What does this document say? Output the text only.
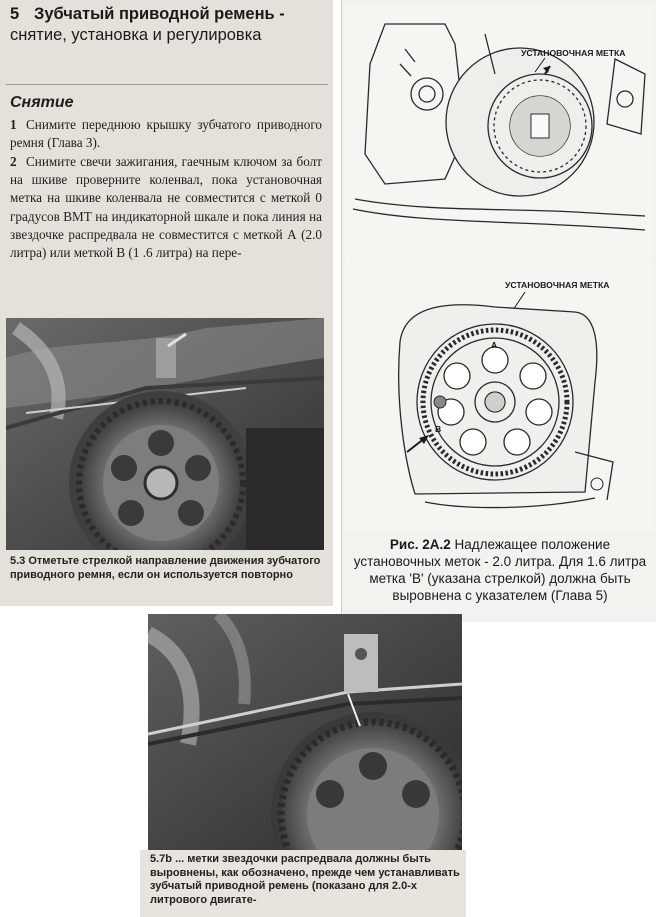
5 Зубчатый приводной ремень - снятие, установка и регулировка
Снятие
1 Снимите переднюю крышку зубчатого приводного ремня (Глава 3).
2 Снимите свечи зажигания, гаечным ключом за болт на шкиве проверните коленвал, пока установочная метка на шкиве коленвала не совместится с меткой 0 градусов ВМТ на индикаторной шкале и пока линия на звездочке распредвала не совместится с меткой А (2.0 литра) или меткой В (1 .6 литра) на пере-
5.3 Отметьте стрелкой направление движения зубчатого приводного ремня, если он используется повторно
УСТАНОВОЧНАЯ МЕТКА
УСТАНОВОЧНАЯ МЕТКА
A
B
Рис. 2А.2 Надлежащее положение установочных меток - 2.0 литра. Для 1.6 литра метка 'В' (указана стрелкой) должна быть выровнена с указателем (Глава 5)
5.7b ... метки звездочки распредвала должны быть выровнены, как обозначено, прежде чем устанавливать зубчатый приводной ремень (показано для 2.0-х литрового двигате-
